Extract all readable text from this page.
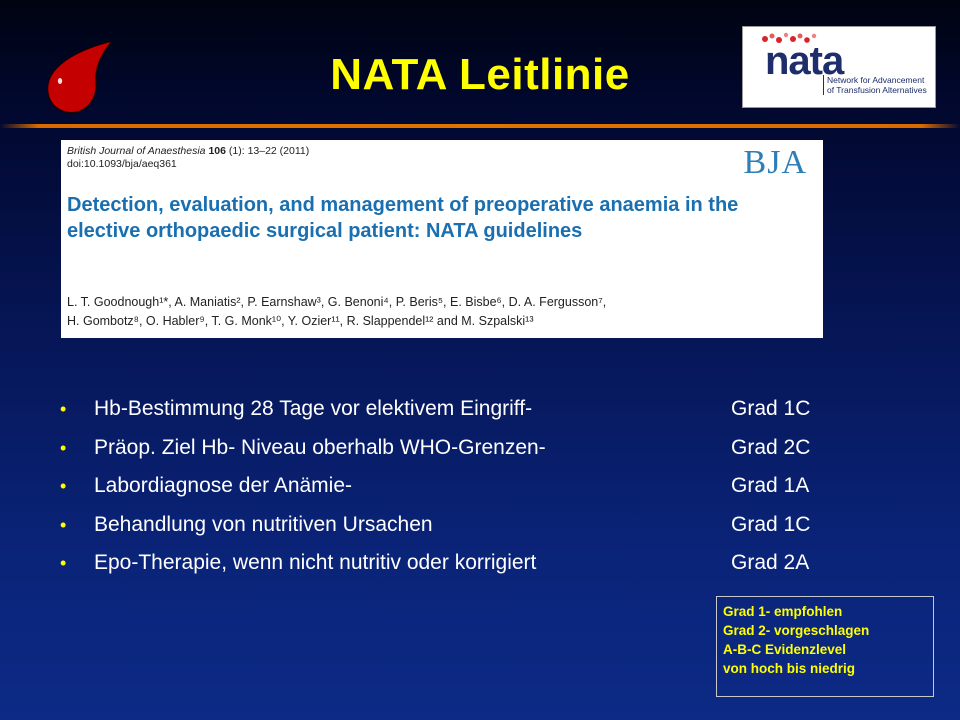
NATA Leitlinie	nata
Network for Advancement
of Transfusion Alternatives
British Journal of Anaesthesia 106 (1): 13–22 (2011)
doi:10.1093/bja/aeq361	BJA
Detection, evaluation, and management of preoperative anaemia in the elective orthopaedic surgical patient: NATA guidelines
L. T. Goodnough¹*, A. Maniatis², P. Earnshaw³, G. Benoni⁴, P. Beris⁵, E. Bisbe⁶, D. A. Fergusson⁷,
H. Gombotz⁸, O. Habler⁹, T. G. Monk¹⁰, Y. Ozier¹¹, R. Slappendel¹² and M. Szpalski¹³
• Hb-Bestimmung 28 Tage vor elektivem Eingriff-	Grad 1C
• Präop. Ziel Hb- Niveau oberhalb WHO-Grenzen-	Grad 2C
• Labordiagnose der Anämie-	Grad 1A
• Behandlung von nutritiven Ursachen	Grad 1C
• Epo-Therapie, wenn nicht nutritiv oder korrigiert	Grad 2A
Grad 1- empfohlen
Grad 2- vorgeschlagen
A-B-C Evidenzlevel
von hoch bis niedrig
